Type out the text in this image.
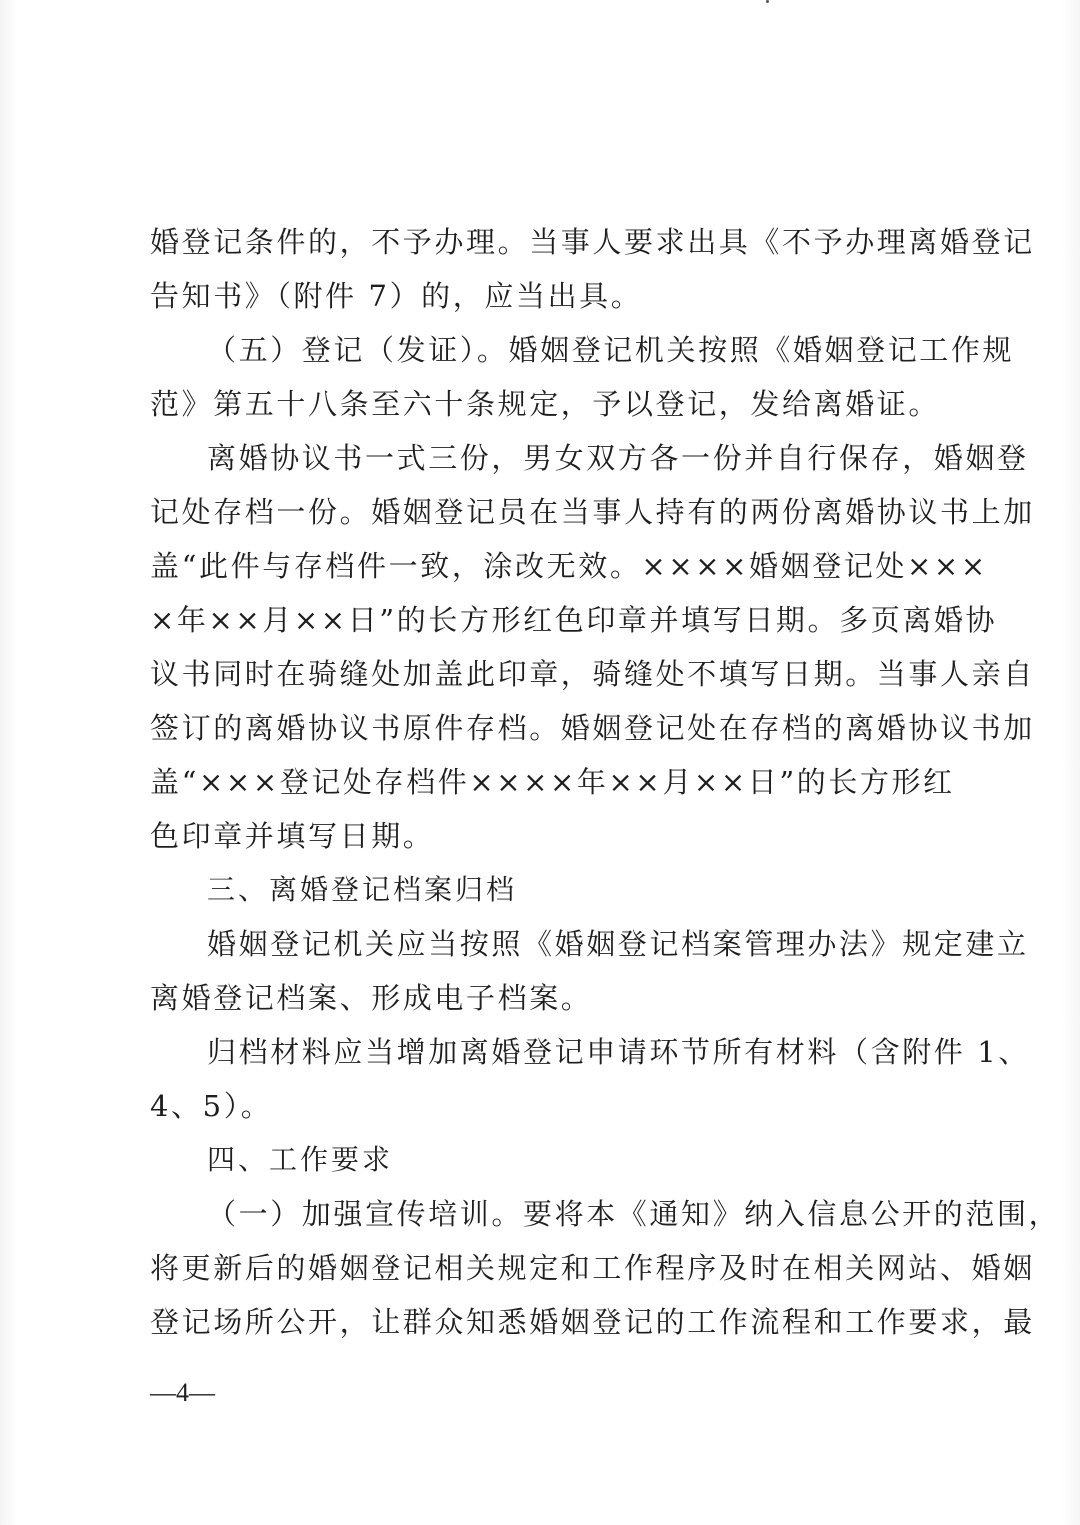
婚登记条件的，不予办理。当事人要求出具《不予办理离婚登记
告知书》（附件 7）的，应当出具。
（五）登记（发证）。婚姻登记机关按照《婚姻登记工作规
范》第五十八条至六十条规定，予以登记，发给离婚证。
离婚协议书一式三份，男女双方各一份并自行保存，婚姻登
记处存档一份。婚姻登记员在当事人持有的两份离婚协议书上加
盖“此件与存档件一致，涂改无效。××××婚姻登记处×××
×年××月××日”的长方形红色印章并填写日期。多页离婚协
议书同时在骑缝处加盖此印章，骑缝处不填写日期。当事人亲自
签订的离婚协议书原件存档。婚姻登记处在存档的离婚协议书加
盖“×××登记处存档件××××年××月××日”的长方形红
色印章并填写日期。
三、离婚登记档案归档
婚姻登记机关应当按照《婚姻登记档案管理办法》规定建立
离婚登记档案、形成电子档案。
归档材料应当增加离婚登记申请环节所有材料（含附件 1、
4、5）。
四、工作要求
（一）加强宣传培训。要将本《通知》纳入信息公开的范围，
将更新后的婚姻登记相关规定和工作程序及时在相关网站、婚姻
登记场所公开，让群众知悉婚姻登记的工作流程和工作要求，最
—4—
